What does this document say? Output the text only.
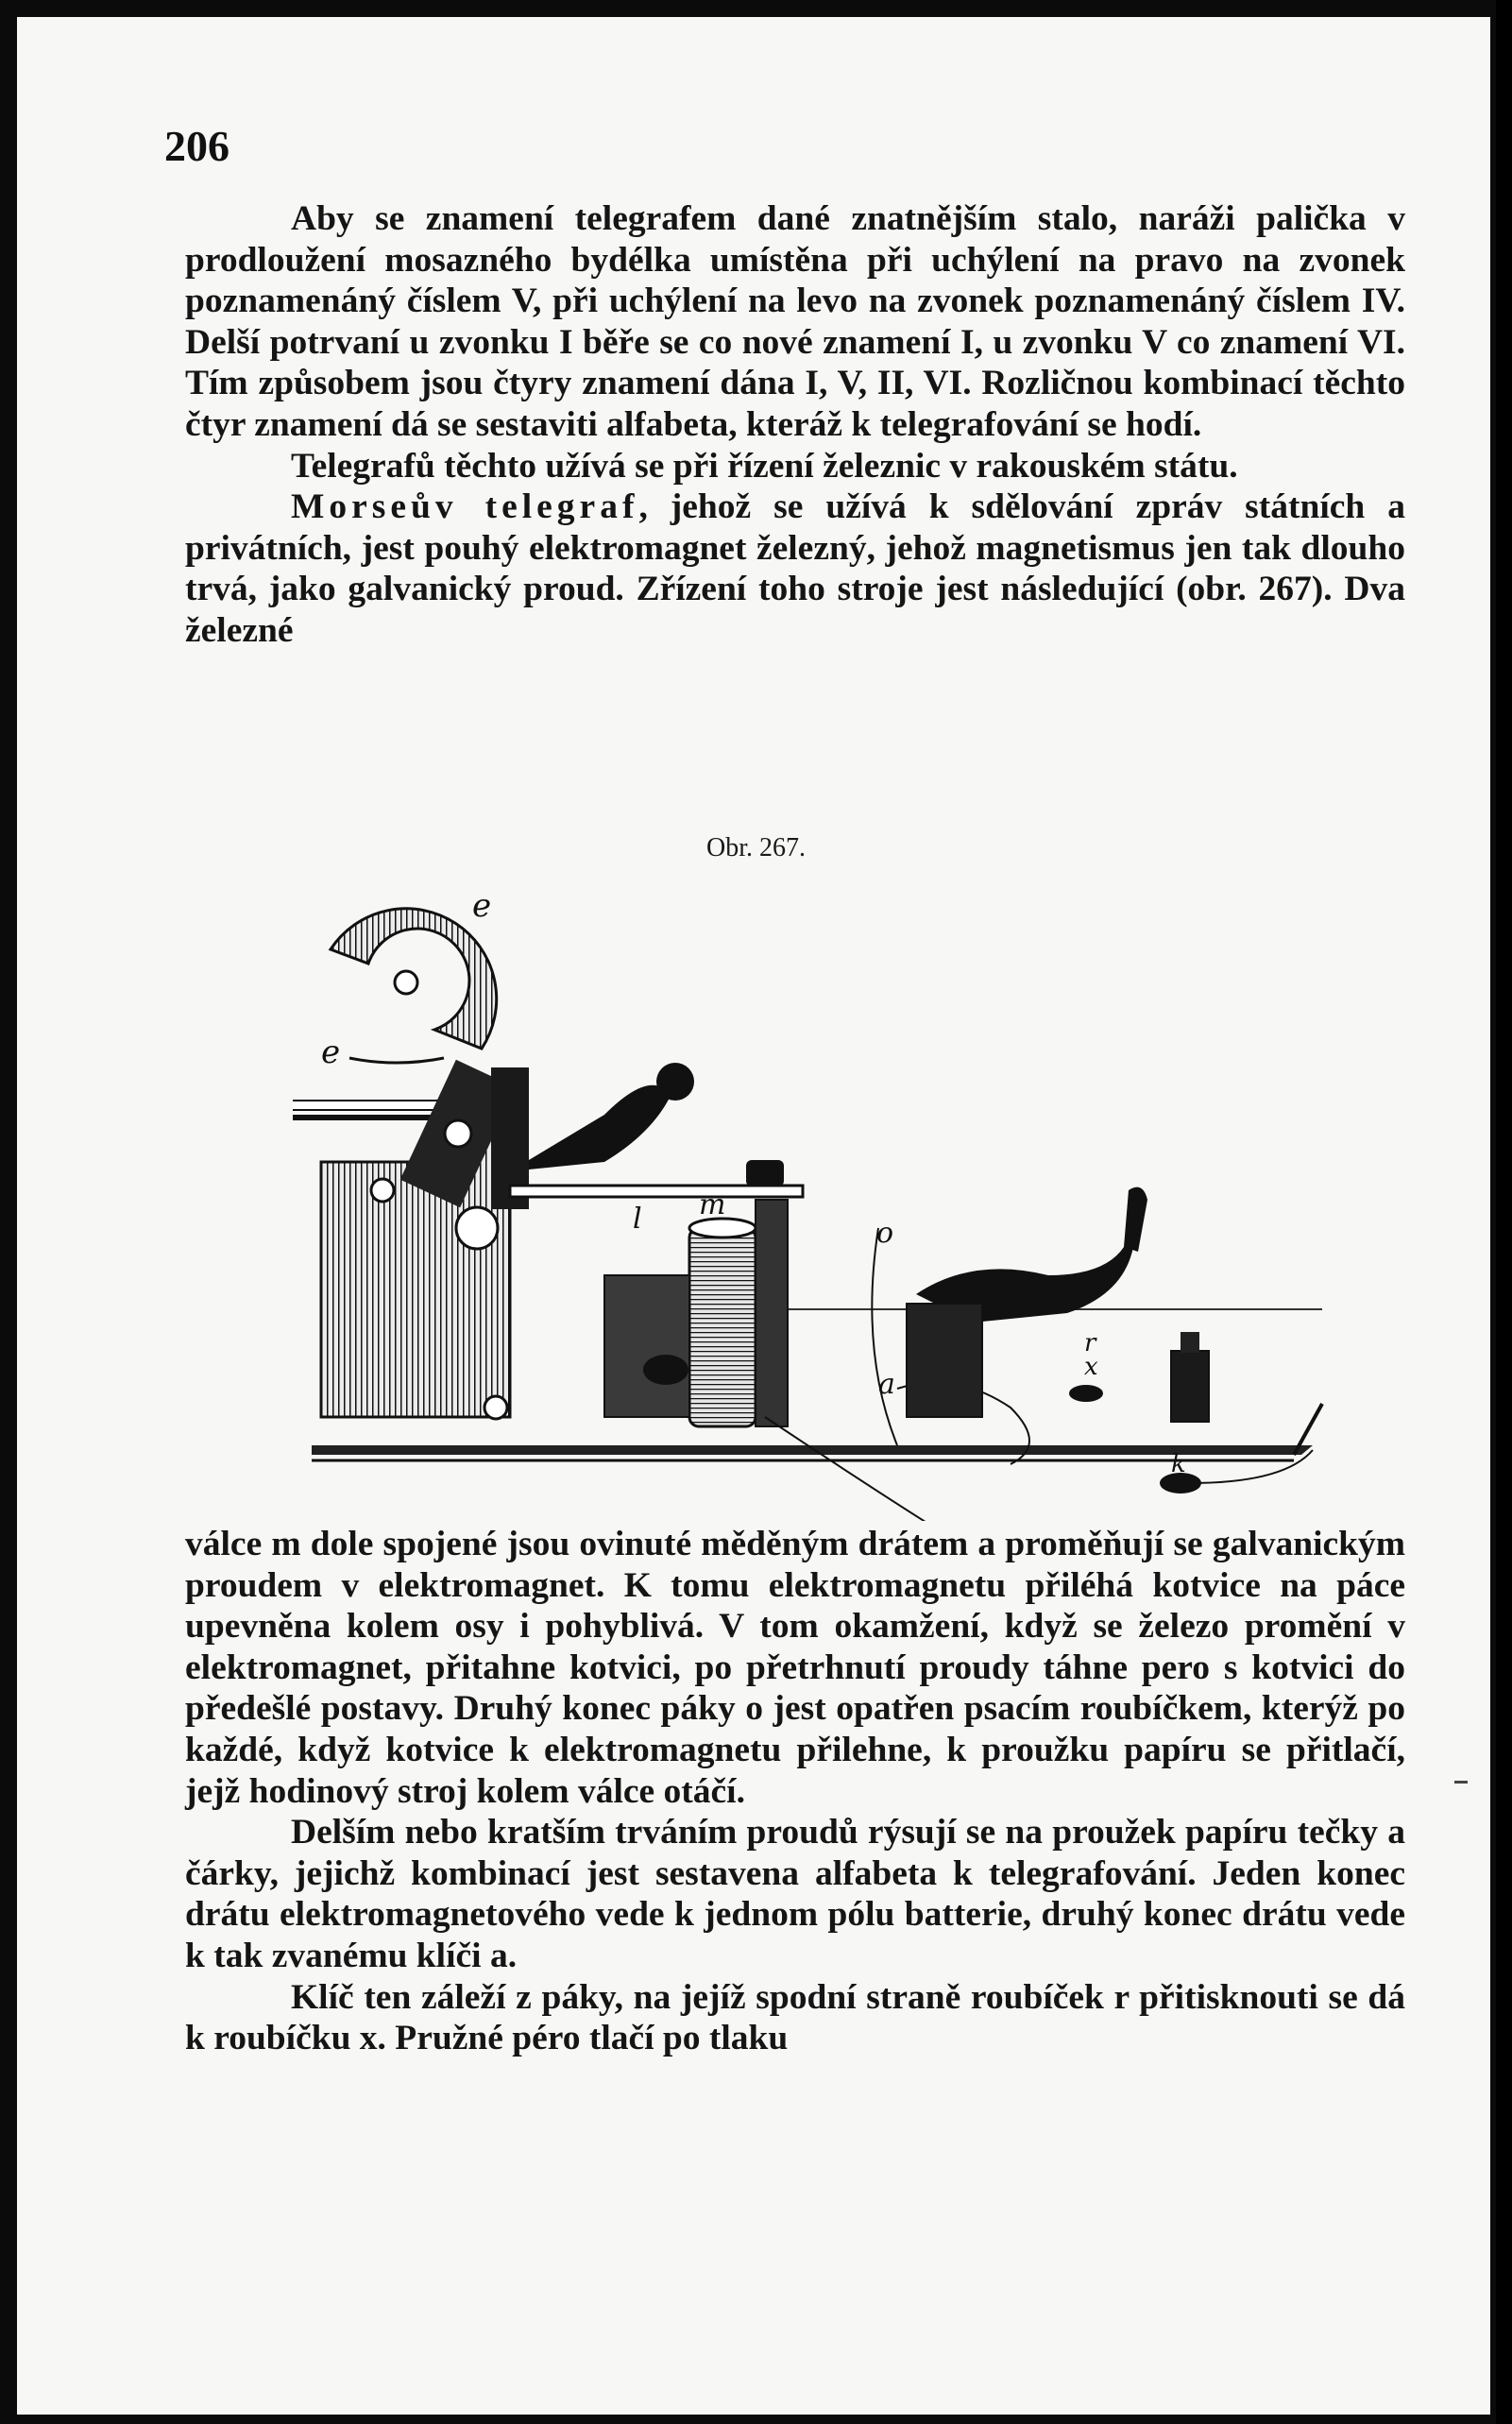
206

Aby se znamení telegrafem dané znatnějším stalo, naráži palička v prodloužení mosazného bydélka umístěna při uchýlení na pravo na zvonek poznamenáný číslem V, při uchýlení na levo na zvonek poznamenáný číslem IV. Delší potrvaní u zvonku I běře se co nové znamení I, u zvonku V co znamení VI. Tím způsobem jsou čtyry znamení dána I, V, II, VI. Rozličnou kombinací těchto čtyr znamení dá se sestaviti alfabeta, kteráž k telegrafování se hodí.

Telegrafů těchto užívá se při řízení železnic v rakouském státu.

Morseův telegraf, jehož se užívá k sdělování zpráv státních a privátních, jest pouhý elektromagnet železný, jehož magnetismus jen tak dlouho trvá, jako galvanický proud. Zřízení toho stroje jest následující (obr. 267). Dva železné

Obr. 267.
e
e
l m
o
a
r
x
k

válce m dole spojené jsou ovinuté měděným drátem a proměňují se galvanickým proudem v elektromagnet. K tomu elektromagnetu přiléhá kotvice na páce upevněna kolem osy i pohyblivá. V tom okamžení, když se železo promění v elektromagnet, přitahne kotvici, po přetrhnutí proudy táhne pero s kotvici do předešlé postavy. Druhý konec páky o jest opatřen psacím roubíčkem, kterýž po každé, když kotvice k elektromagnetu přilehne, k proužku papíru se přitlačí, jejž hodinový stroj kolem válce otáčí.

Delším nebo kratším trváním proudů rýsují se na proužek papíru tečky a čárky, jejichž kombinací jest sestavena alfabeta k telegrafování. Jeden konec drátu elektromagnetového vede k jednom pólu batterie, druhý konec drátu vede k tak zvanému klíči a.

Klíč ten záleží z páky, na jejíž spodní straně roubíček r přitisknouti se dá k roubíčku x. Pružné péro tlačí po tlaku
